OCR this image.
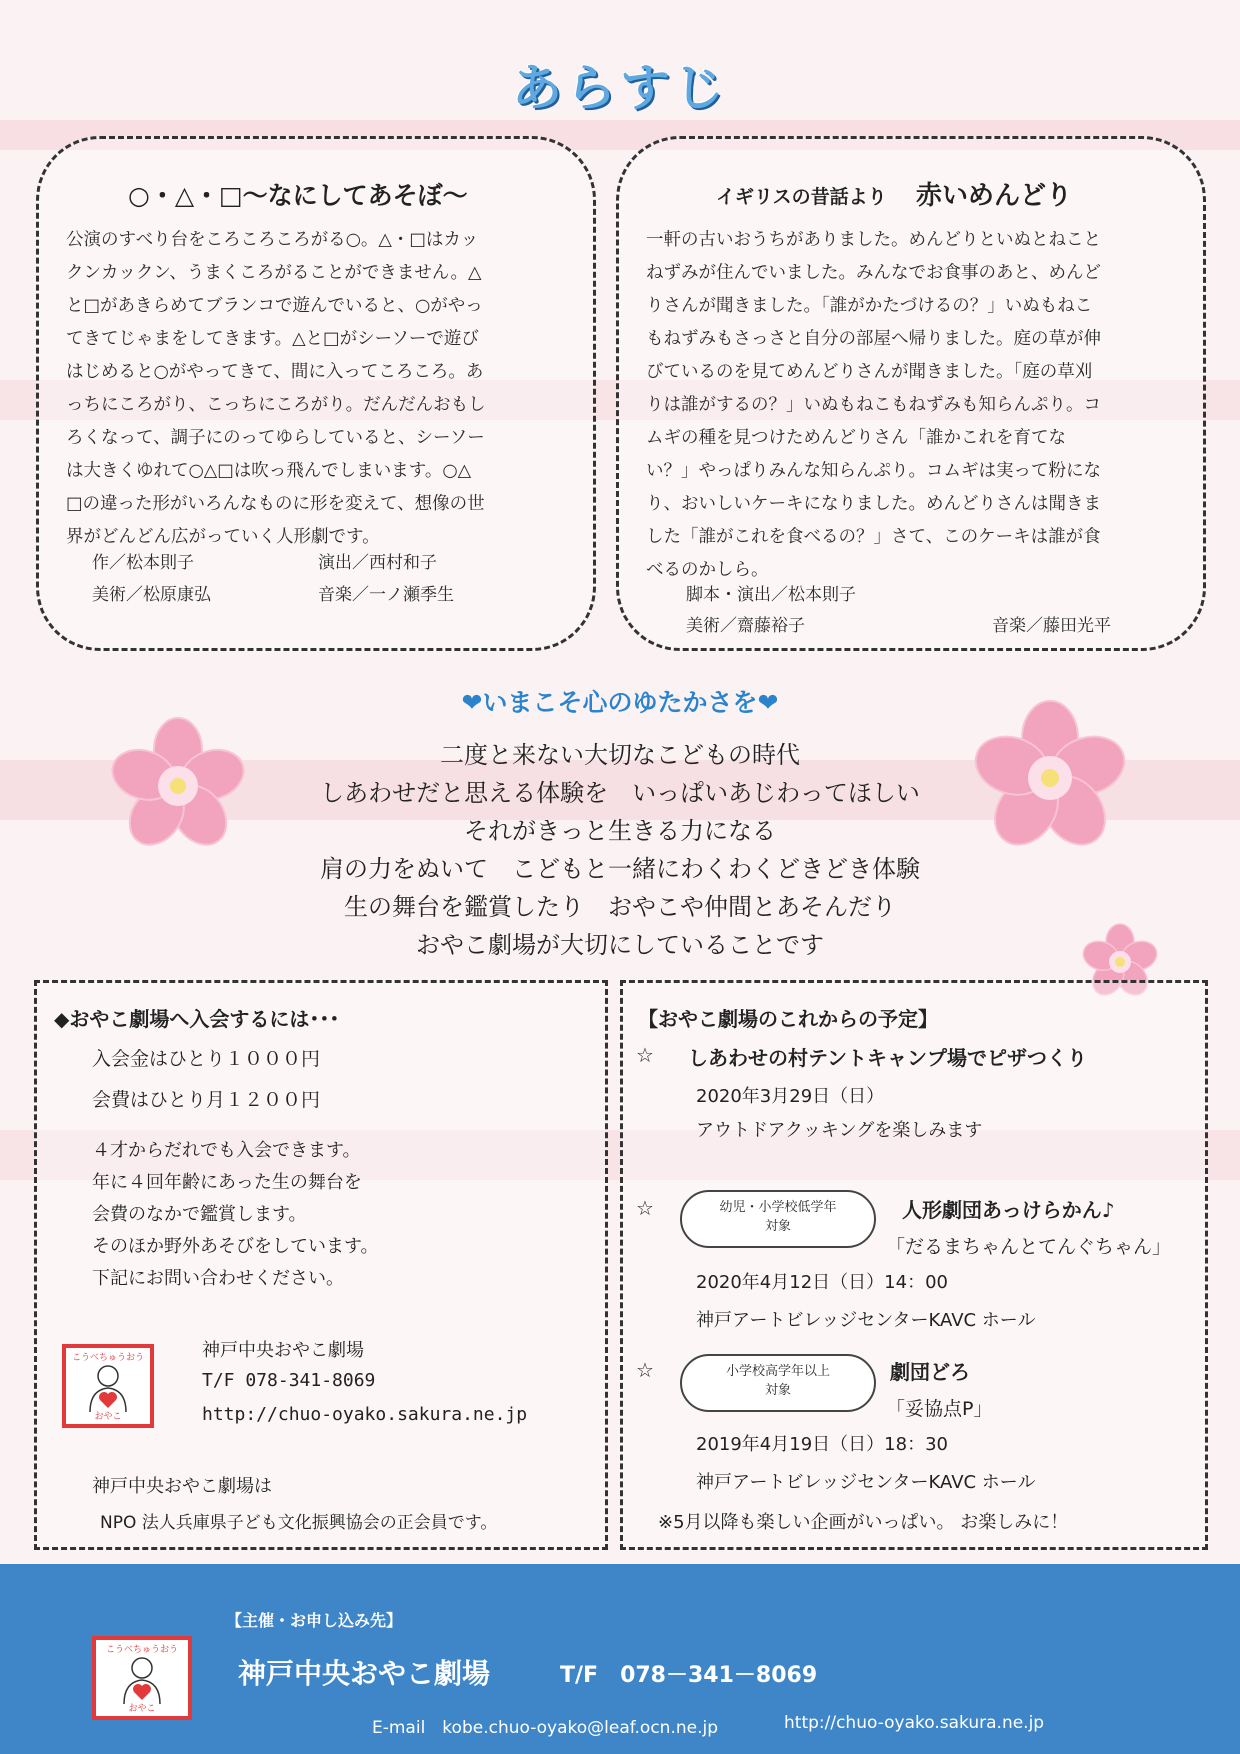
あらすじ
○・△・□〜なにしてあそぼ〜
公演のすべり台をころころころがる○。△・□はカッ
クンカックン、うまくころがることができません。△
と□があきらめてブランコで遊んでいると、○がやっ
てきてじゃまをしてきます。△と□がシーソーで遊び
はじめると○がやってきて、間に入ってころころ。あ
っちにころがり、こっちにころがり。だんだんおもし
ろくなって、調子にのってゆらしていると、シーソー
は大きくゆれて○△□は吹っ飛んでしまいます。○△
□の違った形がいろんなものに形を変えて、想像の世
界がどんどん広がっていく人形劇です。
作／松本則子	演出／西村和子
美術／松原康弘	音楽／一ノ瀬季生
イギリスの昔話より 赤いめんどり
一軒の古いおうちがありました。めんどりといぬとねこと
ねずみが住んでいました。みんなでお食事のあと、めんど
りさんが聞きました。「誰がかたづけるの？」いぬもねこ
もねずみもさっさと自分の部屋へ帰りました。庭の草が伸
びているのを見てめんどりさんが聞きました。「庭の草刈
りは誰がするの？」いぬもねこもねずみも知らんぷり。コ
ムギの種を見つけためんどりさん「誰かこれを育てな
い？」やっぱりみんな知らんぷり。コムギは実って粉にな
り、おいしいケーキになりました。めんどりさんは聞きま
した「誰がこれを食べるの？」さて、このケーキは誰が食
べるのかしら。
脚本・演出／松本則子
美術／齋藤裕子	音楽／藤田光平
❤いまこそ心のゆたかさを❤
二度と来ない大切なこどもの時代
しあわせだと思える体験を　いっぱいあじわってほしい
それがきっと生きる力になる
肩の力をぬいて　こどもと一緒にわくわくどきどき体験
生の舞台を鑑賞したり　おやこや仲間とあそんだり
おやこ劇場が大切にしていることです
◆おやこ劇場へ入会するには･･･
入会金はひとり１０００円
会費はひとり月１２００円
４才からだれでも入会できます。
年に４回年齢にあった生の舞台を
会費のなかで鑑賞します。
そのほか野外あそびをしています。
下記にお問い合わせください。
こうべちゅうおう
おやこ
神戸中央おやこ劇場
T/F 078-341-8069
http://chuo-oyako.sakura.ne.jp
神戸中央おやこ劇場は
NPO 法人兵庫県子ども文化振興協会の正会員です。
【おやこ劇場のこれからの予定】
☆ しあわせの村テントキャンプ場でピザつくり
2020年3月29日（日）
アウトドアクッキングを楽しみます
☆	幼児・小学校低学年
対象
人形劇団あっけらかん♪
「だるまちゃんとてんぐちゃん」
2020年4月12日（日）14：00
神戸アートビレッジセンターKAVC ホール
☆	小学校高学年以上
対象
劇団どろ
「妥協点P」
2019年4月19日（日）18：30
神戸アートビレッジセンターKAVC ホール
※5月以降も楽しい企画がいっぱい。 お楽しみに！
【主催・お申し込み先】
こうべちゅうおう
おやこ
神戸中央おやこ劇場	T/F　078－341－8069
E-mail　kobe.chuo-oyako@leaf.ocn.ne.jp	http://chuo-oyako.sakura.ne.jp
